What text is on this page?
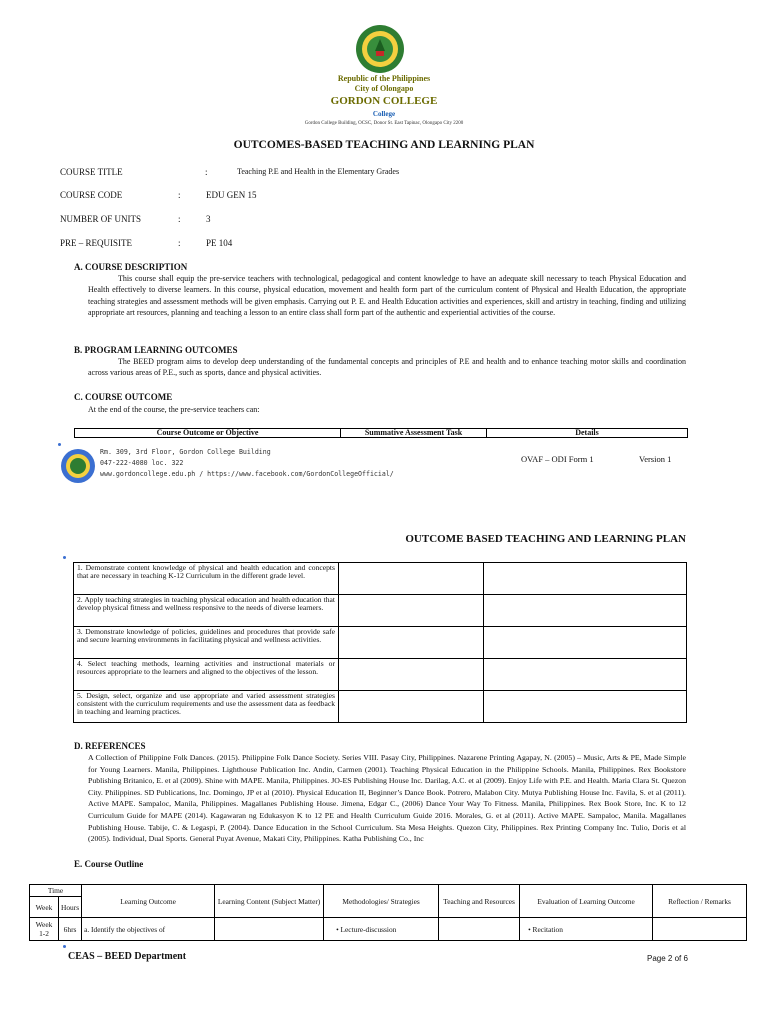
Republic of the Philippines
City of Olongapo
GORDON COLLEGE
College
Gordon College Building, OCSC, Donor St. East Tapinac, Olongapo City 2200
OUTCOMES-BASED TEACHING AND LEARNING PLAN
COURSE TITLE	:	Teaching P.E and Health in the Elementary Grades
COURSE CODE	:	EDU GEN 15
NUMBER OF UNITS	:	3
PRE – REQUISITE	:	PE 104
A. COURSE DESCRIPTION
This course shall equip the pre-service teachers with technological, pedagogical and content knowledge to have an adequate skill necessary to teach Physical Education and Health effectively to diverse learners. In this course, physical education, movement and health form part of the curriculum content of Physical and Health Education, the appropriate teaching strategies and assessment methods will be given emphasis. Carrying out P. E. and Health Education activities and experiences, skill and artistry in teaching, finding and utilizing appropriate art resources, planning and teaching a lesson to an entire class shall form part of the authentic and experiential activities of the course.
B. PROGRAM LEARNING OUTCOMES
The BEED program aims to develop deep understanding of the fundamental concepts and principles of P.E and health and to enhance teaching motor skills and coordination across various areas of P.E., such as sports, dance and physical activities.
C. COURSE OUTCOME
At the end of the course, the pre-service teachers can:
Course Outcome or Objective	Summative Assessment Task	Details
Rm. 309, 3rd Floor, Gordon College Building
047-222-4080 loc. 322
www.gordoncollege.edu.ph / https://www.facebook.com/GordonCollegeOfficial/
OVAF – ODI Form 1	Version 1
OUTCOME BASED TEACHING AND LEARNING PLAN
1. Demonstrate content knowledge of physical and health education and concepts that are necessary in teaching K-12 Curriculum in the different grade level.		
2. Apply teaching strategies in teaching physical education and health education that develop physical fitness and wellness responsive to the needs of diverse learners.		
3. Demonstrate knowledge of policies, guidelines and procedures that provide safe and secure learning environments in facilitating physical and wellness activities.		
4. Select teaching methods, learning activities and instructional materials or resources appropriate to the learners and aligned to the objectives of the lesson.		
5. Design, select, organize and use appropriate and varied assessment strategies consistent with the curriculum requirements and use the assessment data as feedback in teaching and learning practices.		
D. REFERENCES
A Collection of Philippine Folk Dances. (2015). Philippine Folk Dance Society. Series VIII. Pasay City, Philippines. Nazarene Printing Agapay, N. (2005) – Music, Arts & PE, Made Simple for Young Learners. Manila, Philippines. Lighthouse Publication Inc. Andin, Carmen (2001). Teaching Physical Education in the Philippine Schools. Manila, Philippines. Rex Bookstore Publishing Britanico, E. et al (2009). Shine with MAPE. Manila, Philippines. JO-ES Publishing House Inc. Darilag, A.C. et al (2009). Enjoy Life with P.E. and Health. Maria Clara St. Quezon City. Philippines. SD Publications, Inc. Domingo, JP et al (2010). Physical Education II, Beginner’s Dance Book. Potrero, Malabon City. Mutya Publishing House Inc. Favila, S. et al (2011). Active MAPE. Sampaloc, Manila, Philippines. Magallanes Publishing House. Jimena, Edgar C., (2006) Dance Your Way To Fitness. Manila, Philippines. Rex Book Store, Inc. K to 12 Curriculum Guide for MAPE (2014). Kagawaran ng Edukasyon K to 12 PE and Health Curriculum Guide 2016. Morales, G. et al (2011). Active MAPE. Sampaloc, Manila. Magallanes Publishing House. Tabije, C. & Legaspi, P. (2004). Dance Education in the School Curriculum. Sta Mesa Heights. Quezon City, Philippines. Rex Printing Company Inc. Tulio, Doris et al (2005). Individual, Dual Sports. General Puyat Avenue, Makati City, Philippines. Katha Publishing Co., Inc
E. Course Outline
Time		Learning Outcome	Learning Content (Subject Matter)	Methodologies/ Strategies	Teaching and Resources	Evaluation of Learning Outcome	Reflection / Remarks
Week	Hours						
Week 1-2	6hrs	a. Identify the objectives of		• Lecture-discussion		• Recitation	
CEAS – BEED Department	Page 2 of 6
